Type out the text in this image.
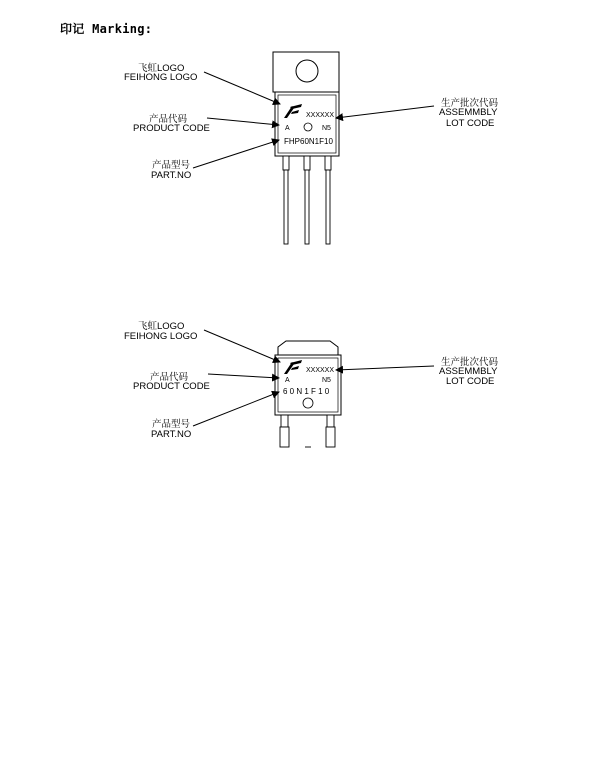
印记 Marking:
XXXXXX
A	N5
FHP60N1F10
飞虹LOGO
FEIHONG LOGO
产品代码
PRODUCT CODE
产品型号
PART.NO
生产批次代码
ASSEMMBLY
LOT CODE
XXXXXX
A	N5
6 0 N 1 F 1 0
飞虹LOGO
FEIHONG LOGO
产品代码
PRODUCT CODE
产品型号
PART.NO
生产批次代码
ASSEMMBLY
LOT CODE
